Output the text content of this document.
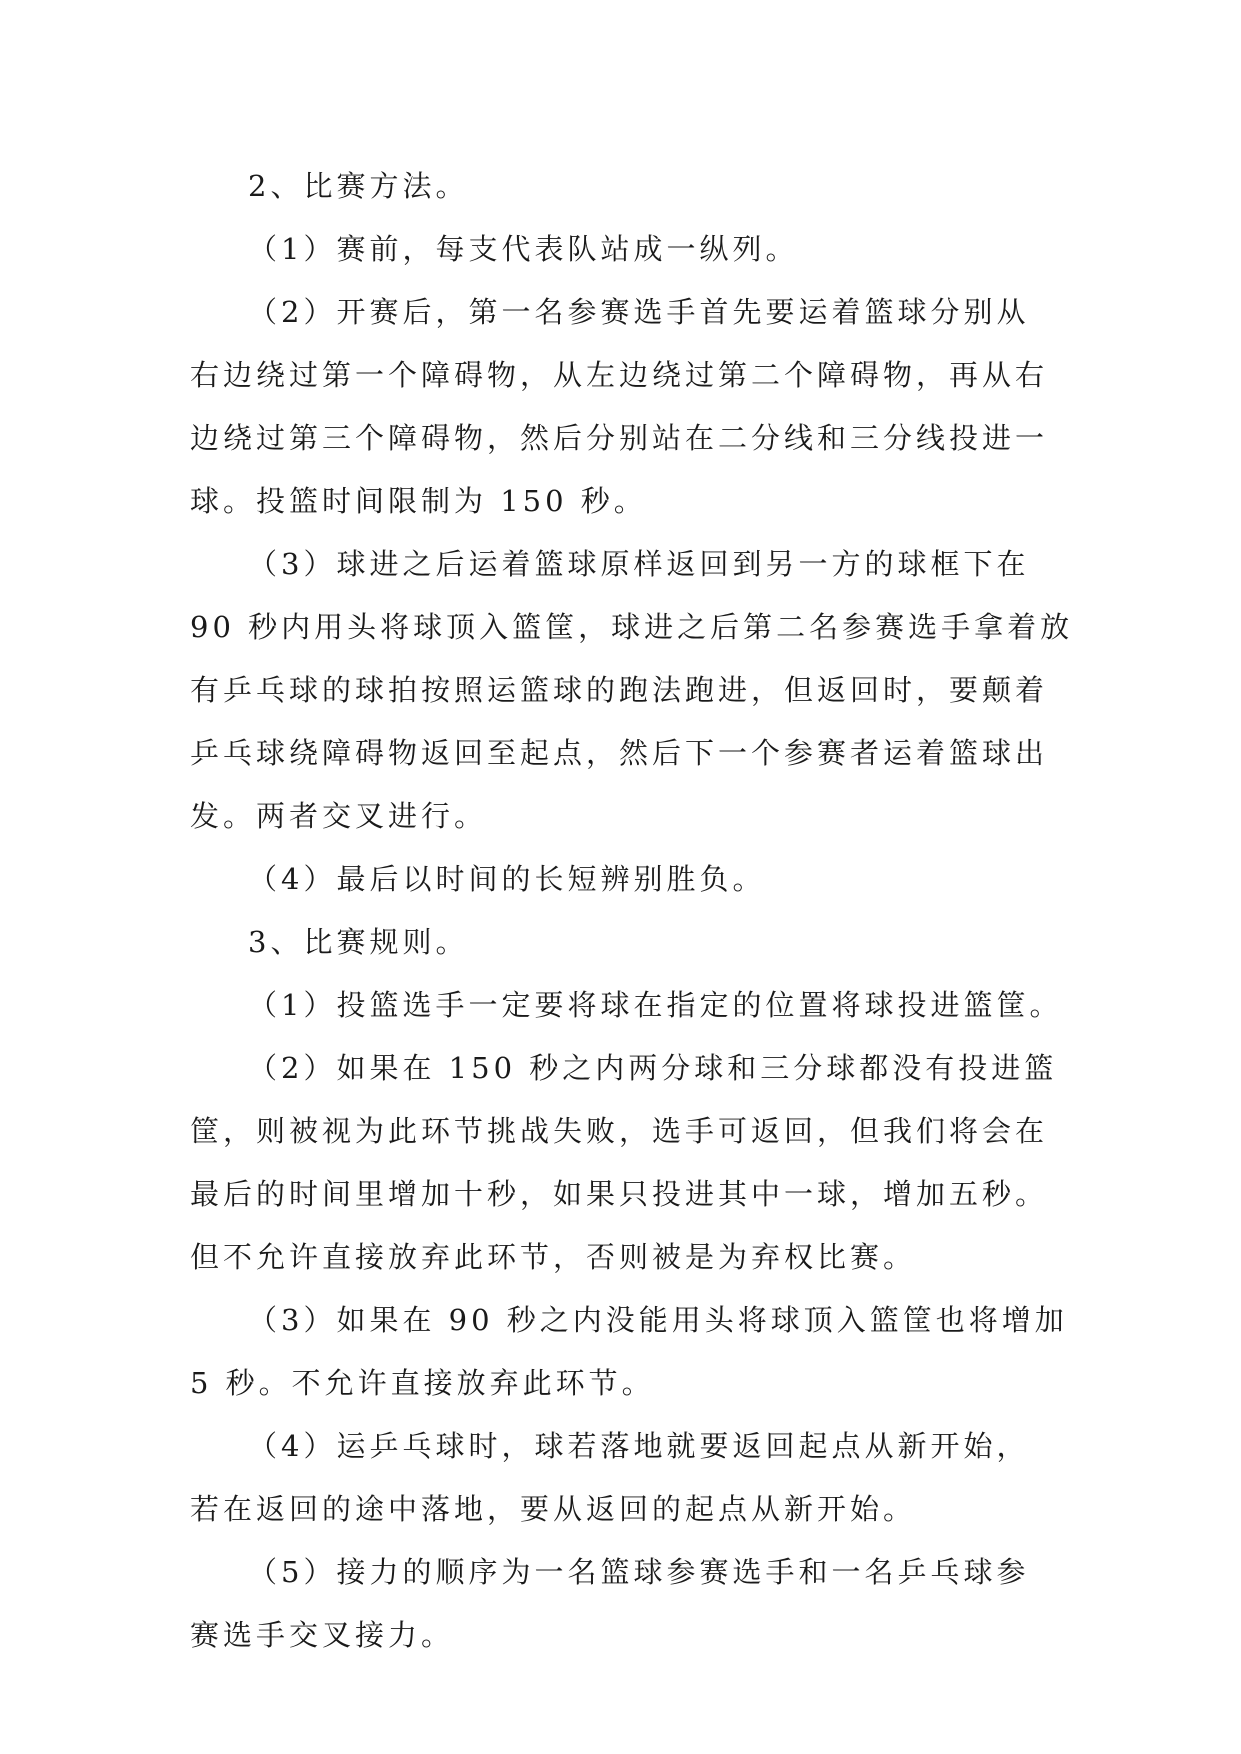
2、比赛方法。
（1）赛前，每支代表队站成一纵列。
（2）开赛后，第一名参赛选手首先要运着篮球分别从
右边绕过第一个障碍物，从左边绕过第二个障碍物，再从右
边绕过第三个障碍物，然后分别站在二分线和三分线投进一
球。投篮时间限制为 150 秒。
（3）球进之后运着篮球原样返回到另一方的球框下在
90 秒内用头将球顶入篮筐，球进之后第二名参赛选手拿着放
有乒乓球的球拍按照运篮球的跑法跑进，但返回时，要颠着
乒乓球绕障碍物返回至起点，然后下一个参赛者运着篮球出
发。两者交叉进行。
（4）最后以时间的长短辨别胜负。
3、比赛规则。
（1）投篮选手一定要将球在指定的位置将球投进篮筐。
（2）如果在 150 秒之内两分球和三分球都没有投进篮
筐，则被视为此环节挑战失败，选手可返回，但我们将会在
最后的时间里增加十秒，如果只投进其中一球，增加五秒。
但不允许直接放弃此环节，否则被是为弃权比赛。
（3）如果在 90 秒之内没能用头将球顶入篮筐也将增加
5 秒。不允许直接放弃此环节。
（4）运乒乓球时，球若落地就要返回起点从新开始，
若在返回的途中落地，要从返回的起点从新开始。
（5）接力的顺序为一名篮球参赛选手和一名乒乓球参
赛选手交叉接力。
